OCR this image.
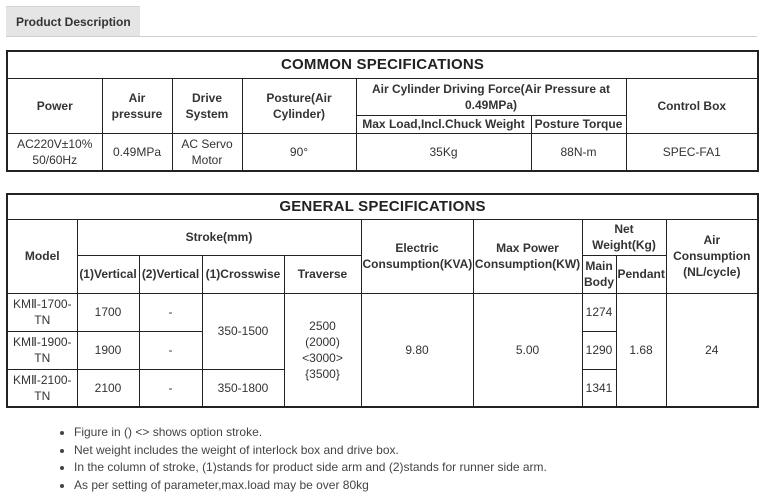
Product Description
COMMON SPECIFICATIONS						
Power	Air pressure	Drive System	Posture(Air Cylinder)	Air Cylinder Driving Force(Air Pressure at 0.49MPa)		Control Box
				Max Load,Incl.Chuck Weight	Posture Torque	
AC220V±10% 50/60Hz	0.49MPa	AC Servo Motor	90°	35Kg	88N-m	SPEC-FA1
GENERAL SPECIFICATIONS									
Model	Stroke(mm)				Electric Consumption(KVA)	Max Power Consumption(KW)	Net Weight(Kg)		Air Consumption (NL/cycle)
	(1)Vertical	(2)Vertical	(1)Crosswise	Traverse			Main Body	Pendant	
KMⅡ-1700-TN	1700	-	350-1500	2500
(2000)
<3000>
{3500}	9.80	5.00	1274	1.68	24
KMⅡ-1900-TN	1900	-					1290		
KMⅡ-2100-TN	2100	-	350-1800				1341		
• Figure in () <> shows option stroke.
• Net weight includes the weight of interlock box and drive box.
• In the column of stroke, (1)stands for product side arm and (2)stands for runner side arm.
• As per setting of parameter,max.load may be over 80kg
